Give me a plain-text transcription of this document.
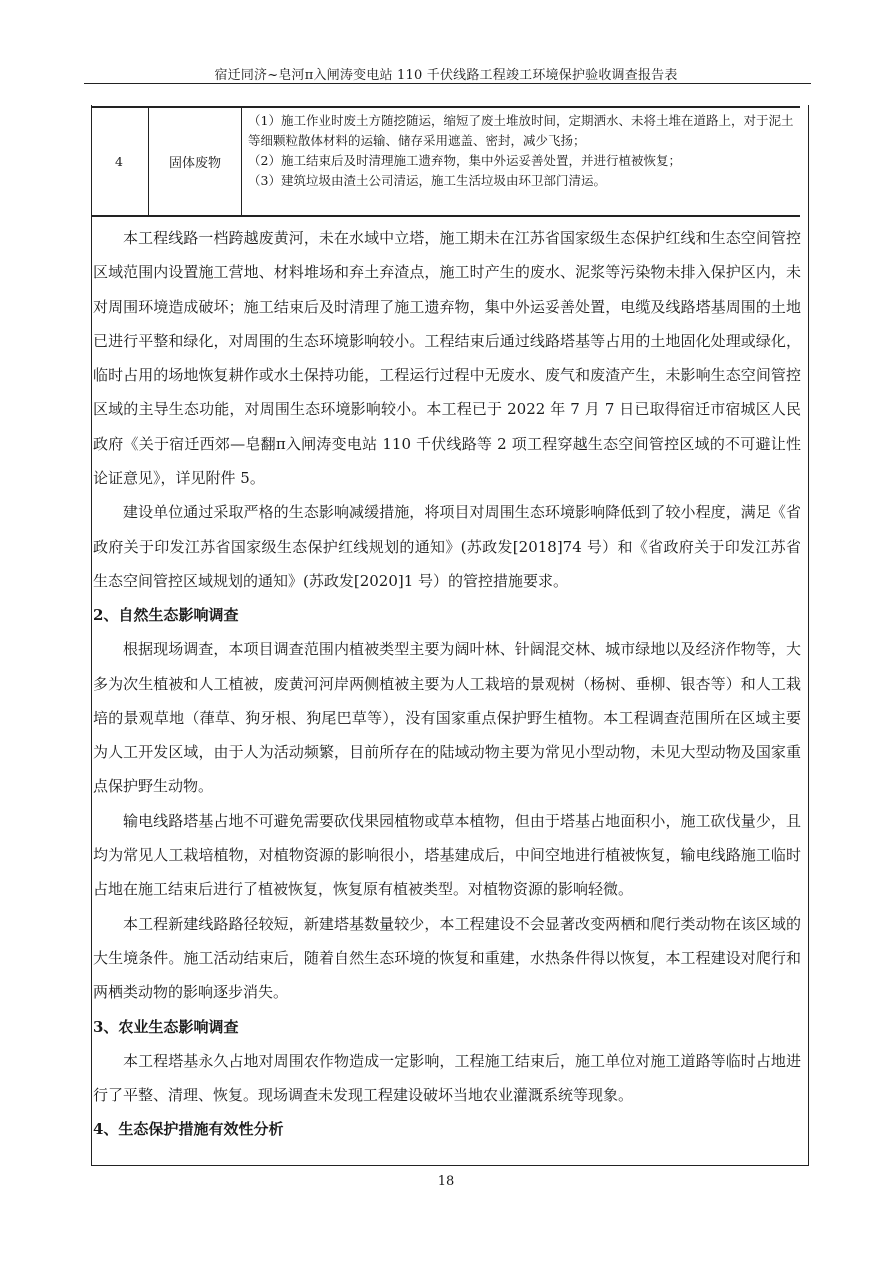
宿迁同济~皂河π入闸涛变电站 110 千伏线路工程竣工环境保护验收调查报告表
4	固体废物
（1）施工作业时废土方随挖随运，缩短了废土堆放时间，定期洒水、未将土堆在道路上，对于泥土等细颗粒散体材料的运输、储存采用遮盖、密封，减少飞扬；
（2）施工结束后及时清理施工遗弃物，集中外运妥善处置，并进行植被恢复；
（3）建筑垃圾由渣土公司清运，施工生活垃圾由环卫部门清运。

本工程线路一档跨越废黄河，未在水域中立塔，施工期未在江苏省国家级生态保护红线和生态空间管控区域范围内设置施工营地、材料堆场和弃土弃渣点，施工时产生的废水、泥浆等污染物未排入保护区内，未对周围环境造成破坏；施工结束后及时清理了施工遗弃物，集中外运妥善处置，电缆及线路塔基周围的土地已进行平整和绿化，对周围的生态环境影响较小。工程结束后通过线路塔基等占用的土地固化处理或绿化，临时占用的场地恢复耕作或水土保持功能，工程运行过程中无废水、废气和废渣产生，未影响生态空间管控区域的主导生态功能，对周围生态环境影响较小。本工程已于 2022 年 7 月 7 日已取得宿迁市宿城区人民政府《关于宿迁西郊—皂翻π入闸涛变电站 110 千伏线路等 2 项工程穿越生态空间管控区域的不可避让性论证意见》，详见附件 5。

建设单位通过采取严格的生态影响减缓措施，将项目对周围生态环境影响降低到了较小程度，满足《省政府关于印发江苏省国家级生态保护红线规划的通知》(苏政发[2018]74 号）和《省政府关于印发江苏省生态空间管控区域规划的通知》(苏政发[2020]1 号）的管控措施要求。

2、自然生态影响调查

根据现场调查，本项目调查范围内植被类型主要为阔叶林、针阔混交林、城市绿地以及经济作物等，大多为次生植被和人工植被，废黄河河岸两侧植被主要为人工栽培的景观树（杨树、垂柳、银杏等）和人工栽培的景观草地（葎草、狗牙根、狗尾巴草等），没有国家重点保护野生植物。本工程调查范围所在区域主要为人工开发区域，由于人为活动频繁，目前所存在的陆域动物主要为常见小型动物，未见大型动物及国家重点保护野生动物。

输电线路塔基占地不可避免需要砍伐果园植物或草本植物，但由于塔基占地面积小，施工砍伐量少，且均为常见人工栽培植物，对植物资源的影响很小，塔基建成后，中间空地进行植被恢复，输电线路施工临时占地在施工结束后进行了植被恢复，恢复原有植被类型。对植物资源的影响轻微。

本工程新建线路路径较短，新建塔基数量较少，本工程建设不会显著改变两栖和爬行类动物在该区域的大生境条件。施工活动结束后，随着自然生态环境的恢复和重建，水热条件得以恢复，本工程建设对爬行和两栖类动物的影响逐步消失。

3、农业生态影响调查

本工程塔基永久占地对周围农作物造成一定影响，工程施工结束后，施工单位对施工道路等临时占地进行了平整、清理、恢复。现场调查未发现工程建设破坏当地农业灌溉系统等现象。

4、生态保护措施有效性分析
18
